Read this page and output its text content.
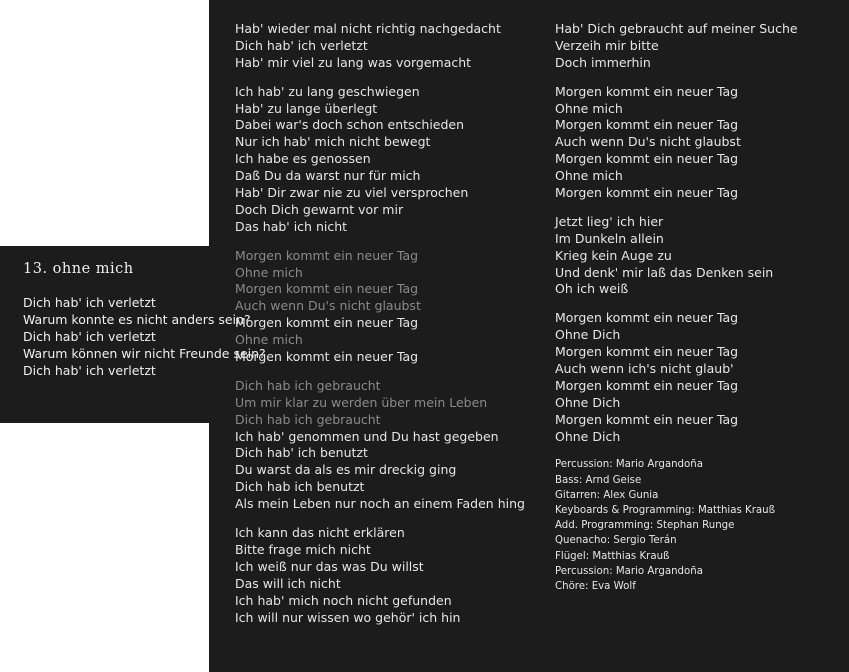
13. ohne mich
Dich hab' ich verletzt
Warum konnte es nicht anders sein?
Dich hab' ich verletzt
Warum können wir nicht Freunde sein?
Dich hab' ich verletzt
Hab' wieder mal nicht richtig nachgedacht
Dich hab' ich verletzt
Hab' mir viel zu lang was vorgemacht
Ich hab' zu lang geschwiegen
Hab' zu lange überlegt
Dabei war's doch schon entschieden
Nur ich hab' mich nicht bewegt
Ich habe es genossen
Daß Du da warst nur für mich
Hab' Dir zwar nie zu viel versprochen
Doch Dich gewarnt vor mir
Das hab' ich nicht
Morgen kommt ein neuer Tag
Ohne mich
Morgen kommt ein neuer Tag
Auch wenn Du's nicht glaubst
Morgen kommt ein neuer Tag
Ohne mich
Morgen kommt ein neuer Tag
Dich hab ich gebraucht
Um mir klar zu werden über mein Leben
Dich hab ich gebraucht
Ich hab' genommen und Du hast gegeben
Dich hab' ich benutzt
Du warst da als es mir dreckig ging
Dich hab ich benutzt
Als mein Leben nur noch an einem Faden hing
Ich kann das nicht erklären
Bitte frage mich nicht
Ich weiß nur das was Du willst
Das will ich nicht
Ich hab' mich noch nicht gefunden
Ich will nur wissen wo gehör' ich hin
Hab' Dich gebraucht auf meiner Suche
Verzeih mir bitte
Doch immerhin
Morgen kommt ein neuer Tag
Ohne mich
Morgen kommt ein neuer Tag
Auch wenn Du's nicht glaubst
Morgen kommt ein neuer Tag
Ohne mich
Morgen kommt ein neuer Tag
Jetzt lieg' ich hier
Im Dunkeln allein
Krieg kein Auge zu
Und denk' mir laß das Denken sein
Oh ich weiß
Morgen kommt ein neuer Tag
Ohne Dich
Morgen kommt ein neuer Tag
Auch wenn ich's nicht glaub'
Morgen kommt ein neuer Tag
Ohne Dich
Morgen kommt ein neuer Tag
Ohne Dich
Percussion: Mario Argandoña
Bass: Arnd Geise
Gitarren: Alex Gunia
Keyboards & Programming: Matthias Krauß
Add. Programming: Stephan Runge
Quenacho: Sergio Terán
Flügel: Matthias Krauß
Percussion: Mario Argandoña
Chöre: Eva Wolf
